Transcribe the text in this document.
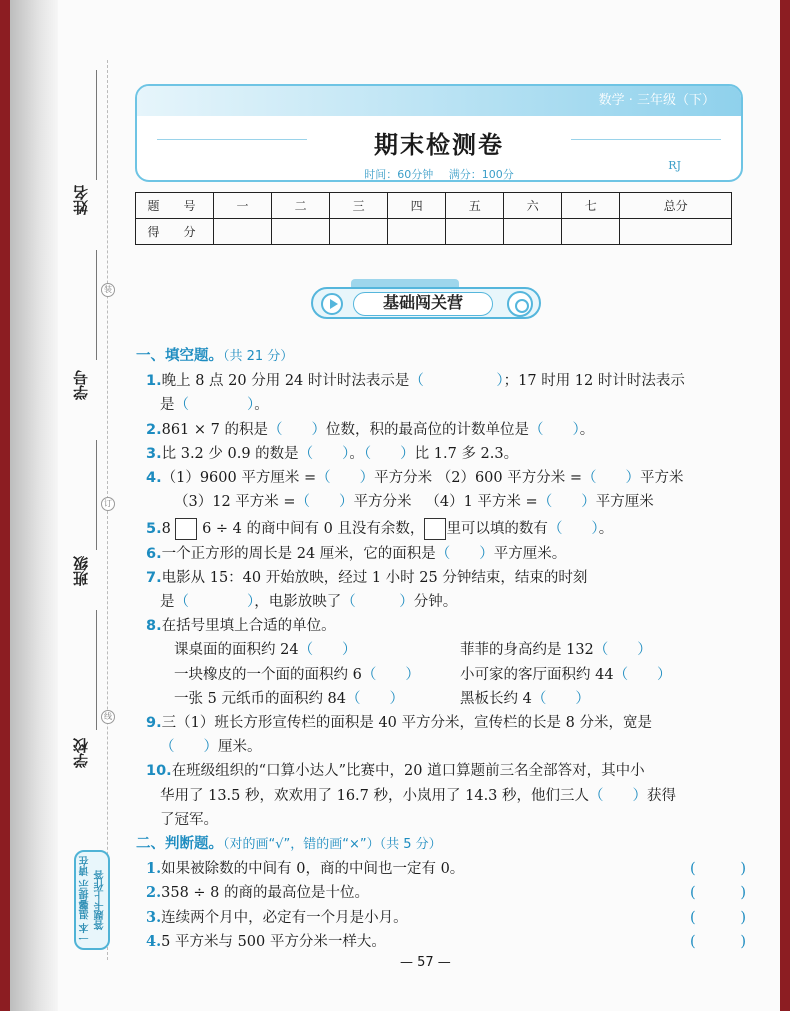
姓名
装
学号
订
班级
线
学校
一本 温馨提示 请在答题卡上作答
数学 · 三年级（下）
期末检测卷
时间：60分钟 满分：100分
RJ
题　号	一	二	三	四	五	六	七	总分
得　分								
基础闯关营
一、填空题。（共 21 分）
1.晚上 8 点 20 分用 24 时计时法表示是（　　　　　）；17 时用 12 时计时法表示
是（　　　　）。
2.861 × 7 的积是（　　）位数，积的最高位的计数单位是（　　）。
3.比 3.2 少 0.9 的数是（　　）。（　　）比 1.7 多 2.3。
4.（1）9600 平方厘米 =（　　）平方分米 （2）600 平方分米 =（　　）平方米
（3）12 平方米 =（　　）平方分米 （4）1 平方米 =（　　）平方厘米
5.8 6 ÷ 4 的商中间有 0 且没有余数， 里可以填的数有（　　）。
6.一个正方形的周长是 24 厘米，它的面积是（　　）平方厘米。
7.电影从 15：40 开始放映，经过 1 小时 25 分钟结束，结束的时刻
是（　　　　），电影放映了（　　　）分钟。
8.在括号里填上合适的单位。
课桌面的面积约 24（　　）	菲菲的身高约是 132（　　）
一块橡皮的一个面的面积约 6（　　）	小可家的客厅面积约 44（　　）
一张 5 元纸币的面积约 84（　　）	黑板长约 4（　　）
9.三（1）班长方形宣传栏的面积是 40 平方分米，宣传栏的长是 8 分米，宽是
（　　）厘米。
10.在班级组织的“口算小达人”比赛中，20 道口算题前三名全部答对，其中小
华用了 13.5 秒，欢欢用了 16.7 秒，小岚用了 14.3 秒，他们三人（　　）获得
了冠军。
二、判断题。（对的画“√”，错的画“×”）（共 5 分）
1.如果被除数的中间有 0，商的中间也一定有 0。	(	)
2.358 ÷ 8 的商的最高位是十位。	(	)
3.连续两个月中，必定有一个月是小月。	(	)
4.5 平方米与 500 平方分米一样大。	(	)
— 57 —
